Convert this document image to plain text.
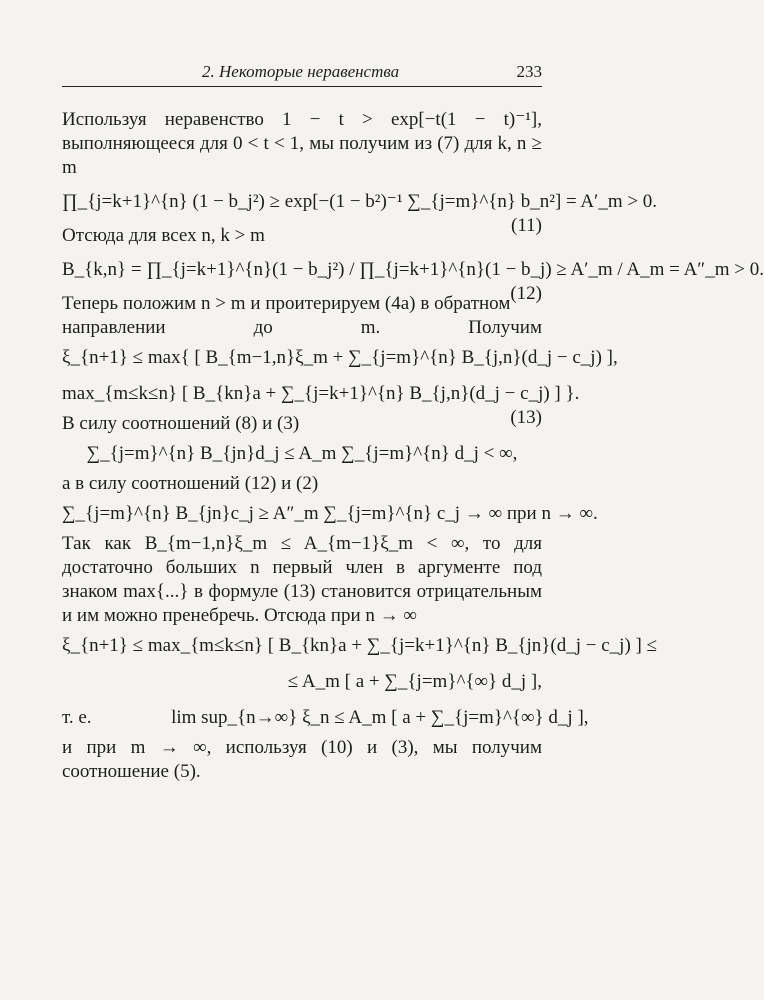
2. Некоторые неравенства	233

Используя неравенство 1 − t > exp[−t(1 − t)⁻¹], выполняющееся для 0 < t < 1, мы получим из (7) для k, n ≥ m

∏_{j=k+1}^{n} (1 − b_j²) ≥ exp[−(1 − b²)⁻¹ ∑_{j=m}^{n} b_n²] = A′_m > 0.
(11)

Отсюда для всех n, k > m

B_{k,n} = ∏_{j=k+1}^{n}(1 − b_j²) / ∏_{j=k+1}^{n}(1 − b_j) ≥ A′_m / A_m = A″_m > 0.
(12)

Теперь положим n > m и проитерируем (4a) в обратном направлении до m. Получим

ξ_{n+1} ≤ max{ [ B_{m−1,n}ξ_m + ∑_{j=m}^{n} B_{j,n}(d_j − c_j) ],
max_{m≤k≤n} [ B_{kn}a + ∑_{j=k+1}^{n} B_{j,n}(d_j − c_j) ] }.
(13)

В силу соотношений (8) и (3)

∑_{j=m}^{n} B_{jn}d_j ≤ A_m ∑_{j=m}^{n} d_j < ∞,

а в силу соотношений (12) и (2)

∑_{j=m}^{n} B_{jn}c_j ≥ A″_m ∑_{j=m}^{n} c_j → ∞ при n → ∞.

Так как B_{m−1,n}ξ_m ≤ A_{m−1}ξ_m < ∞, то для достаточно больших n первый член в аргументе под знаком max{...} в формуле (13) становится отрицательным и им можно пренебречь. Отсюда при n → ∞

ξ_{n+1} ≤ max_{m≤k≤n} [ B_{kn}a + ∑_{j=k+1}^{n} B_{jn}(d_j − c_j) ] ≤
≤ A_m [ a + ∑_{j=m}^{∞} d_j ],
т. е.	lim sup_{n→∞} ξ_n ≤ A_m [ a + ∑_{j=m}^{∞} d_j ],

и при m → ∞, используя (10) и (3), мы получим соотношение (5).
